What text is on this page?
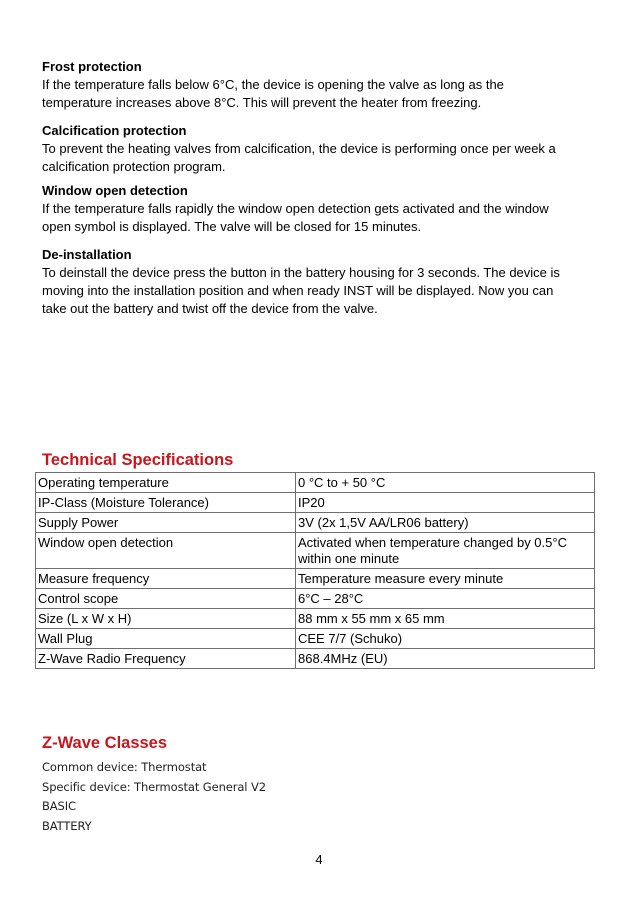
Frost protection

If the temperature falls below 6°C, the device is opening the valve as long as the

temperature increases above 8°C. This will prevent the heater from freezing.

Calcification protection

To prevent the heating valves from calcification, the device is performing once per week a

calcification protection program.

Window open detection

If the temperature falls rapidly the window open detection gets activated and the window

open symbol is displayed. The valve will be closed for 15 minutes.

De-installation

To deinstall the device press the button in the battery housing for 3 seconds. The device is

moving into the installation position and when ready INST will be displayed. Now you can

take out the battery and twist off the device from the valve.

Technical Specifications
Operating temperature	0 °C to + 50 °C

IP-Class (Moisture Tolerance)	IP20

Supply Power	3V (2x 1,5V AA/LR06 battery)

Window open detection	Activated when temperature changed by 0.5°C
within one minute

Measure frequency	Temperature measure every minute

Control scope	6°C – 28°C

Size (L x W x H)	88 mm x 55 mm x 65 mm

Wall Plug	CEE 7/7 (Schuko)

Z-Wave Radio Frequency	868.4MHz (EU)
Z-Wave Classes
Common device: Thermostat
Specific device: Thermostat General V2
BASIC
BATTERY
4
